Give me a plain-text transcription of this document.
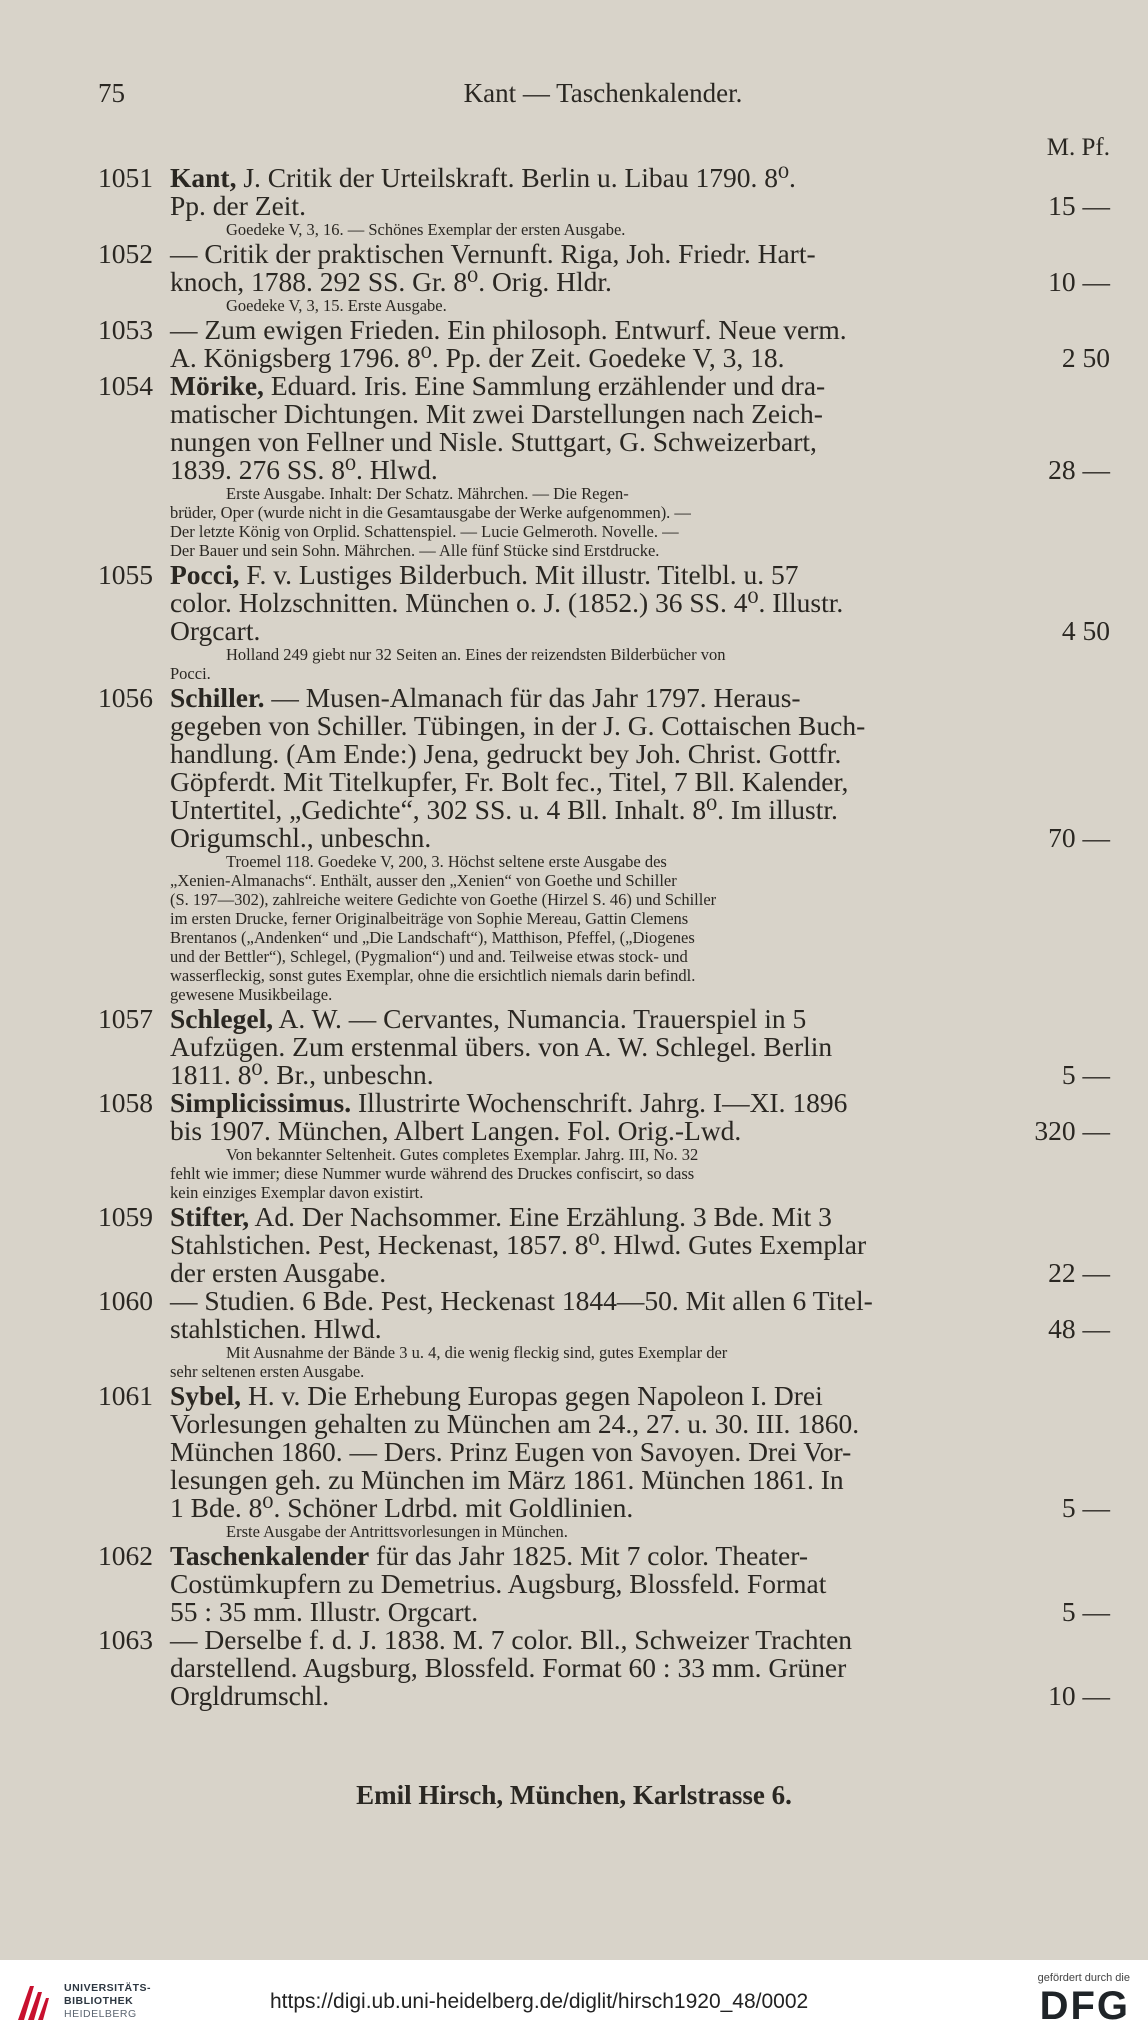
75	Kant — Taschenkalender.
M. Pf.
1051 Kant, J. Critik der Urteilskraft. Berlin u. Libau 1790. 8⁰.
Pp. der Zeit.	15 —
Goedeke V, 3, 16. — Schönes Exemplar der ersten Ausgabe.
1052 — Critik der praktischen Vernunft. Riga, Joh. Friedr. Hart-
knoch, 1788. 292 SS. Gr. 8⁰. Orig. Hldr.	10 —
Goedeke V, 3, 15. Erste Ausgabe.
1053 — Zum ewigen Frieden. Ein philosoph. Entwurf. Neue verm.
A. Königsberg 1796. 8⁰. Pp. der Zeit. Goedeke V, 3, 18.	2 50
1054 Mörike, Eduard. Iris. Eine Sammlung erzählender und dra-
matischer Dichtungen. Mit zwei Darstellungen nach Zeich-
nungen von Fellner und Nisle. Stuttgart, G. Schweizerbart,
1839. 276 SS. 8⁰. Hlwd.	28 —
Erste Ausgabe. Inhalt: Der Schatz. Mährchen. — Die Regen-
brüder, Oper (wurde nicht in die Gesamtausgabe der Werke aufgenommen). —
Der letzte König von Orplid. Schattenspiel. — Lucie Gelmeroth. Novelle. —
Der Bauer und sein Sohn. Mährchen. — Alle fünf Stücke sind Erstdrucke.
1055 Pocci, F. v. Lustiges Bilderbuch. Mit illustr. Titelbl. u. 57
color. Holzschnitten. München o. J. (1852.) 36 SS. 4⁰. Illustr.
Orgcart.	4 50
Holland 249 giebt nur 32 Seiten an. Eines der reizendsten Bilderbücher von
Pocci.
1056 Schiller. — Musen-Almanach für das Jahr 1797. Heraus-
gegeben von Schiller. Tübingen, in der J. G. Cottaischen Buch-
handlung. (Am Ende:) Jena, gedruckt bey Joh. Christ. Gottfr.
Göpferdt. Mit Titelkupfer, Fr. Bolt fec., Titel, 7 Bll. Kalender,
Untertitel, „Gedichte“, 302 SS. u. 4 Bll. Inhalt. 8⁰. Im illustr.
Origumschl., unbeschn.	70 —
Troemel 118. Goedeke V, 200, 3. Höchst seltene erste Ausgabe des
„Xenien-Almanachs“. Enthält, ausser den „Xenien“ von Goethe und Schiller
(S. 197—302), zahlreiche weitere Gedichte von Goethe (Hirzel S. 46) und Schiller
im ersten Drucke, ferner Originalbeiträge von Sophie Mereau, Gattin Clemens
Brentanos („Andenken“ und „Die Landschaft“), Matthison, Pfeffel, („Diogenes
und der Bettler“), Schlegel, (Pygmalion“) und and. Teilweise etwas stock- und
wasserfleckig, sonst gutes Exemplar, ohne die ersichtlich niemals darin befindl.
gewesene Musikbeilage.
1057 Schlegel, A. W. — Cervantes, Numancia. Trauerspiel in 5
Aufzügen. Zum erstenmal übers. von A. W. Schlegel. Berlin
1811. 8⁰. Br., unbeschn.	5 —
1058 Simplicissimus. Illustrirte Wochenschrift. Jahrg. I—XI. 1896
bis 1907. München, Albert Langen. Fol. Orig.-Lwd.	320 —
Von bekannter Seltenheit. Gutes completes Exemplar. Jahrg. III, No. 32
fehlt wie immer; diese Nummer wurde während des Druckes confiscirt, so dass
kein einziges Exemplar davon existirt.
1059 Stifter, Ad. Der Nachsommer. Eine Erzählung. 3 Bde. Mit 3
Stahlstichen. Pest, Heckenast, 1857. 8⁰. Hlwd. Gutes Exemplar
der ersten Ausgabe.	22 —
1060 — Studien. 6 Bde. Pest, Heckenast 1844—50. Mit allen 6 Titel-
stahlstichen. Hlwd.	48 —
Mit Ausnahme der Bände 3 u. 4, die wenig fleckig sind, gutes Exemplar der
sehr seltenen ersten Ausgabe.
1061 Sybel, H. v. Die Erhebung Europas gegen Napoleon I. Drei
Vorlesungen gehalten zu München am 24., 27. u. 30. III. 1860.
München 1860. — Ders. Prinz Eugen von Savoyen. Drei Vor-
lesungen geh. zu München im März 1861. München 1861. In
1 Bde. 8⁰. Schöner Ldrbd. mit Goldlinien.	5 —
Erste Ausgabe der Antrittsvorlesungen in München.
1062 Taschenkalender für das Jahr 1825. Mit 7 color. Theater-
Costümkupfern zu Demetrius. Augsburg, Blossfeld. Format
55 : 35 mm. Illustr. Orgcart.	5 —
1063 — Derselbe f. d. J. 1838. M. 7 color. Bll., Schweizer Trachten
darstellend. Augsburg, Blossfeld. Format 60 : 33 mm. Grüner
Orgldrumschl.	10 —
Emil Hirsch, München, Karlstrasse 6.
UNIVERSITÄTS-
BIBLIOTHEK
HEIDELBERG
https://digi.ub.uni-heidelberg.de/diglit/hirsch1920_48/0002
gefördert durch die
DFG
